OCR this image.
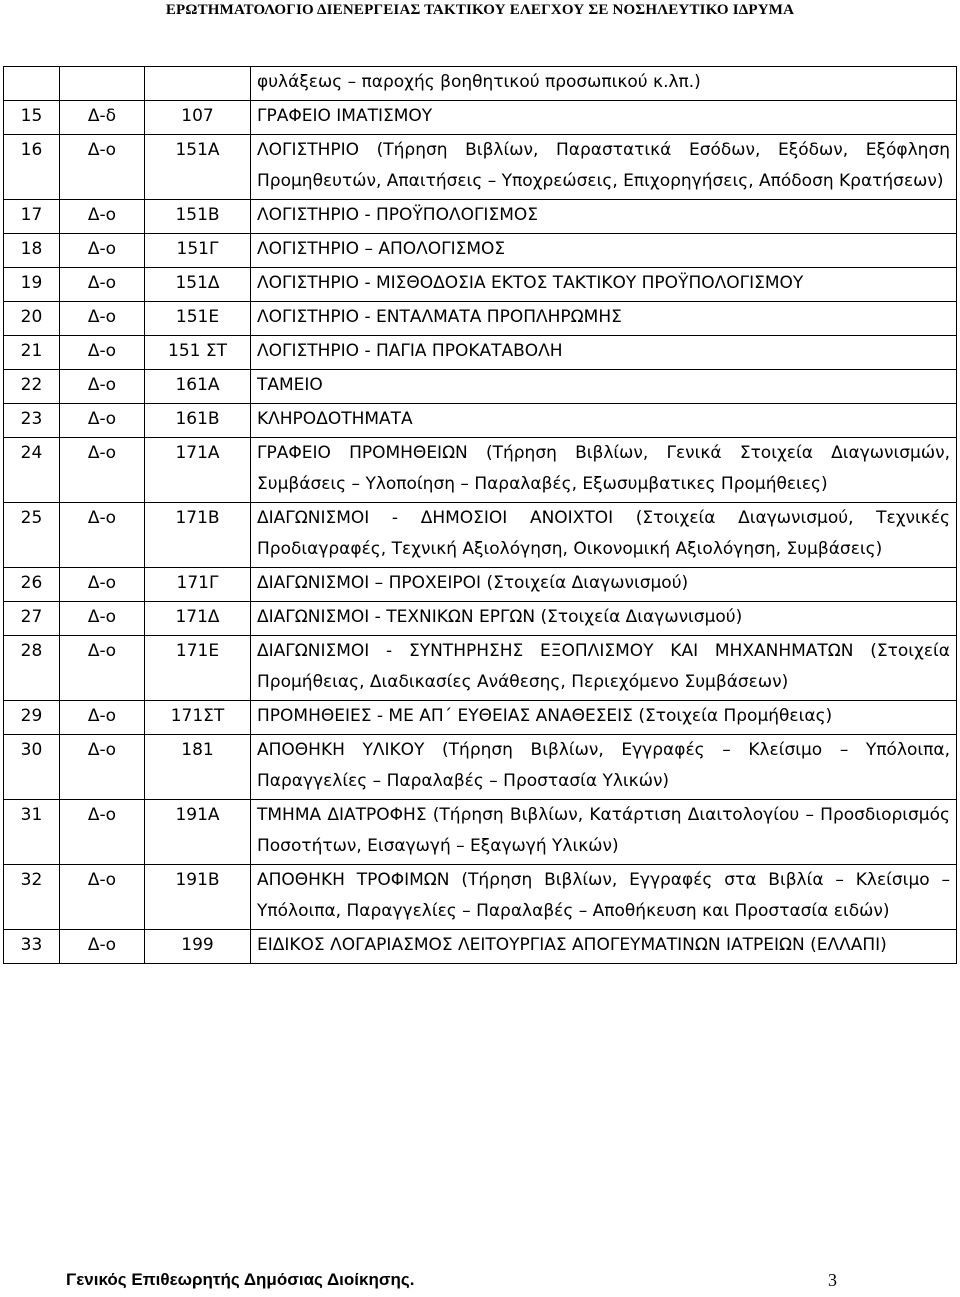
ΕΡΩΤΗΜΑΤΟΛΟΓΙΟ ΔΙΕΝΕΡΓΕΙΑΣ ΤΑΚΤΙΚΟΥ ΕΛΕΓΧΟΥ ΣΕ ΝΟΣΗΛΕΥΤΙΚΟ ΙΔΡΥΜΑ
			φυλάξεως – παροχής βοηθητικού προσωπικού κ.λπ.)
15	Δ-δ	107	ΓΡΑΦΕΙΟ ΙΜΑΤΙΣΜΟΥ
16	Δ-ο	151Α	ΛΟΓΙΣΤΗΡΙΟ (Τήρηση Βιβλίων, Παραστατικά Εσόδων, Εξόδων, Εξόφληση Προμηθευτών, Απαιτήσεις – Υποχρεώσεις, Επιχορηγήσεις, Απόδοση Κρατήσεων)
17	Δ-ο	151Β	ΛΟΓΙΣΤΗΡΙΟ - ΠΡΟΫΠΟΛΟΓΙΣΜΟΣ
18	Δ-ο	151Γ	ΛΟΓΙΣΤΗΡΙΟ – ΑΠΟΛΟΓΙΣΜΟΣ
19	Δ-ο	151Δ	ΛΟΓΙΣΤΗΡΙΟ - ΜΙΣΘΟΔΟΣΙΑ ΕΚΤΟΣ ΤΑΚΤΙΚΟΥ ΠΡΟΫΠΟΛΟΓΙΣΜΟΥ
20	Δ-ο	151Ε	ΛΟΓΙΣΤΗΡΙΟ - ΕΝΤΑΛΜΑΤΑ ΠΡΟΠΛΗΡΩΜΗΣ
21	Δ-ο	151 ΣΤ	ΛΟΓΙΣΤΗΡΙΟ - ΠΑΓΙΑ ΠΡΟΚΑΤΑΒΟΛΗ
22	Δ-ο	161Α	ΤΑΜΕΙΟ
23	Δ-ο	161Β	ΚΛΗΡΟΔΟΤΗΜΑΤΑ
24	Δ-ο	171Α	ΓΡΑΦΕΙΟ ΠΡΟΜΗΘΕΙΩΝ (Τήρηση Βιβλίων, Γενικά Στοιχεία Διαγωνισμών, Συμβάσεις – Υλοποίηση – Παραλαβές, Εξωσυμβατικες Προμήθειες)
25	Δ-ο	171Β	ΔΙΑΓΩΝΙΣΜΟΙ - ΔΗΜΟΣΙΟΙ ΑΝΟΙΧΤΟΙ (Στοιχεία Διαγωνισμού, Τεχνικές Προδιαγραφές, Τεχνική Αξιολόγηση, Οικονομική Αξιολόγηση, Συμβάσεις)
26	Δ-ο	171Γ	ΔΙΑΓΩΝΙΣΜΟΙ – ΠΡΟΧΕΙΡΟΙ (Στοιχεία Διαγωνισμού)
27	Δ-ο	171Δ	ΔΙΑΓΩΝΙΣΜΟΙ - ΤΕΧΝΙΚΩΝ ΕΡΓΩΝ (Στοιχεία Διαγωνισμού)
28	Δ-ο	171Ε	ΔΙΑΓΩΝΙΣΜΟΙ - ΣΥΝΤΗΡΗΣΗΣ ΕΞΟΠΛΙΣΜΟΥ ΚΑΙ ΜΗΧΑΝΗΜΑΤΩΝ (Στοιχεία Προμήθειας, Διαδικασίες Ανάθεσης, Περιεχόμενο Συμβάσεων)
29	Δ-ο	171ΣΤ	ΠΡΟΜΗΘΕΙΕΣ - ΜΕ ΑΠ΄ ΕΥΘΕΙΑΣ ΑΝΑΘΕΣΕΙΣ (Στοιχεία Προμήθειας)
30	Δ-ο	181	ΑΠΟΘΗΚΗ ΥΛΙΚΟΥ (Τήρηση Βιβλίων, Εγγραφές – Κλείσιμο – Υπόλοιπα, Παραγγελίες – Παραλαβές – Προστασία Υλικών)
31	Δ-ο	191Α	ΤΜΗΜΑ ΔΙΑΤΡΟΦΗΣ (Τήρηση Βιβλίων, Κατάρτιση Διαιτολογίου – Προσδιορισμός Ποσοτήτων, Εισαγωγή – Εξαγωγή Υλικών)
32	Δ-ο	191Β	ΑΠΟΘΗΚΗ ΤΡΟΦΙΜΩΝ (Τήρηση Βιβλίων, Εγγραφές στα Βιβλία – Κλείσιμο – Υπόλοιπα, Παραγγελίες – Παραλαβές – Αποθήκευση και Προστασία ειδών)
33	Δ-ο	199	ΕΙΔΙΚΟΣ ΛΟΓΑΡΙΑΣΜΟΣ ΛΕΙΤΟΥΡΓΙΑΣ ΑΠΟΓΕΥΜΑΤΙΝΩΝ ΙΑΤΡΕΙΩΝ (ΕΛΛΑΠΙ)
Γενικός Επιθεωρητής Δημόσιας Διοίκησης.	3
